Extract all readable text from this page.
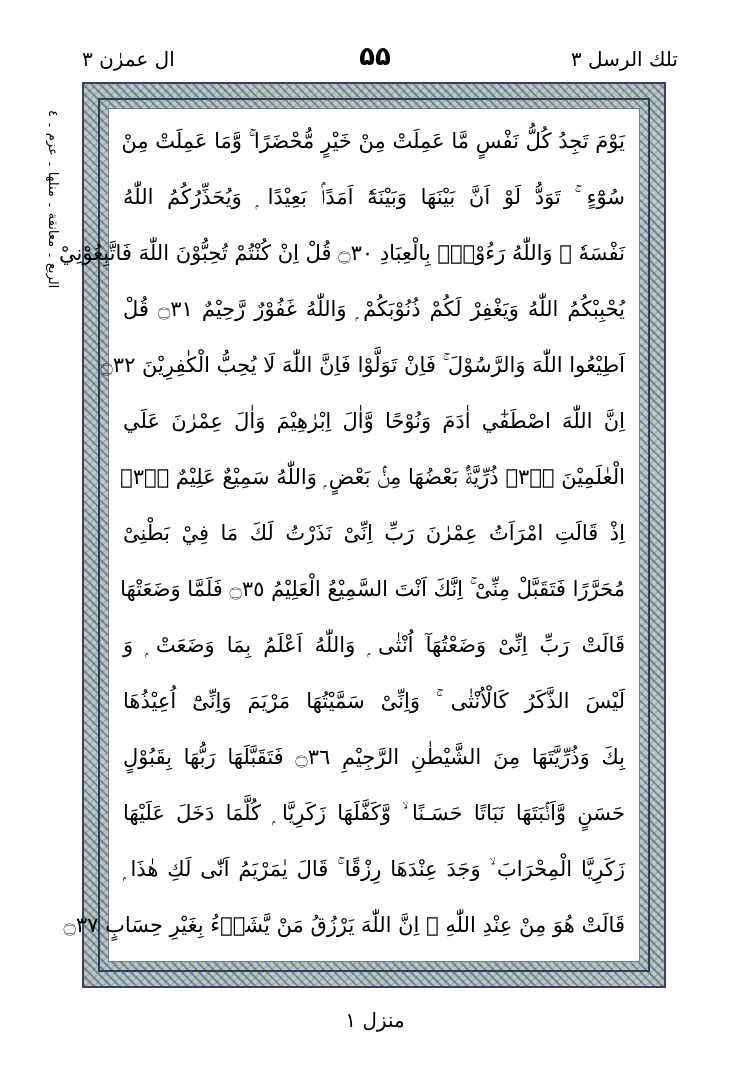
تلك الرسل ٣
۵۵
ال عمرٰن ٣
الربع ۔ معانقة ۔ منلها ۔ عزم ۔ ٤	يَوْمَ تَجِدُ كُلُّ نَفْسٍ مَّا عَمِلَتْ مِنْ خَيْرٍ مُّحْضَرًا ۚ وَّمَا عَمِلَتْ مِنْ
سُوْٓءٍ ۚ تَوَدُّ لَوْ اَنَّ بَيْنَهَا وَبَيْنَهٗٓ اَمَدًاۢ بَعِيْدًا ۭ وَيُحَذِّرُكُمُ اللّٰهُ
نَفْسَهٗ ۭ وَاللّٰهُ رَءُوْفٌۢ بِالْعِبَادِ ۝٣٠ قُلْ اِنْ كُنْتُمْ تُحِبُّوْنَ اللّٰهَ فَاتَّبِعُوْنِيْ
يُحْبِبْكُمُ اللّٰهُ وَيَغْفِرْ لَكُمْ ذُنُوْبَكُمْ ۭ وَاللّٰهُ غَفُوْرٌ رَّحِيْمٌ ۝٣١ قُلْ
اَطِيْعُوا اللّٰهَ وَالرَّسُوْلَ ۚ فَاِنْ تَوَلَّوْا فَاِنَّ اللّٰهَ لَا يُحِبُّ الْكٰفِرِيْنَ ۝٣٢
اِنَّ اللّٰهَ اصْطَفٰٓي اٰدَمَ وَنُوْحًا وَّاٰلَ اِبْرٰهِيْمَ وَاٰلَ عِمْرٰنَ عَلَي
الْعٰلَمِيْنَ ۝٣٣ۙ ذُرِّيَّةًۢ بَعْضُهَا مِنْۢ بَعْضٍ ۭ وَاللّٰهُ سَمِيْعٌ عَلِيْمٌ ۝٣٤ۚ
اِذْ قَالَتِ امْرَاَتُ عِمْرٰنَ رَبِّ اِنِّىْ نَذَرْتُ لَكَ مَا فِيْ بَطْنِىْ
مُحَرَّرًا فَتَقَبَّلْ مِنِّىْ ۚ اِنَّكَ اَنْتَ السَّمِيْعُ الْعَلِيْمُ ۝٣٥ فَلَمَّا وَضَعَتْهَا
قَالَتْ رَبِّ اِنِّىْ وَضَعْتُهَآ اُنْثٰى ۭ وَاللّٰهُ اَعْلَمُ بِمَا وَضَعَتْ ۭ وَ
لَيْسَ الذَّكَرُ كَالْاُنْثٰى ۚ وَاِنِّىْ سَمَّيْتُهَا مَرْيَمَ وَاِنِّىْٓ اُعِيْذُهَا
بِكَ وَذُرِّيَّتَهَا مِنَ الشَّيْطٰنِ الرَّجِيْمِ ۝٣٦ فَتَقَبَّلَهَا رَبُّهَا بِقَبُوْلٍ
حَسَنٍ وَّاَنْۢبَتَهَا نَبَاتًا حَسَـنًا ۙ وَّكَفَّلَهَا زَكَرِيَّا ۭ كُلَّمَا دَخَلَ عَلَيْهَا
زَكَرِيَّا الْمِحْرَابَ ۙ وَجَدَ عِنْدَھَا رِزْقًا ۚ قَالَ يٰمَرْيَمُ اَنّٰى لَكِ ھٰذَا ۭ
قَالَتْ ھُوَ مِنْ عِنْدِ اللّٰهِ ۭ اِنَّ اللّٰهَ يَرْزُقُ مَنْ يَّشَاۗءُ بِغَيْرِ حِسَابٍ ۝٣٧
منزل ١
